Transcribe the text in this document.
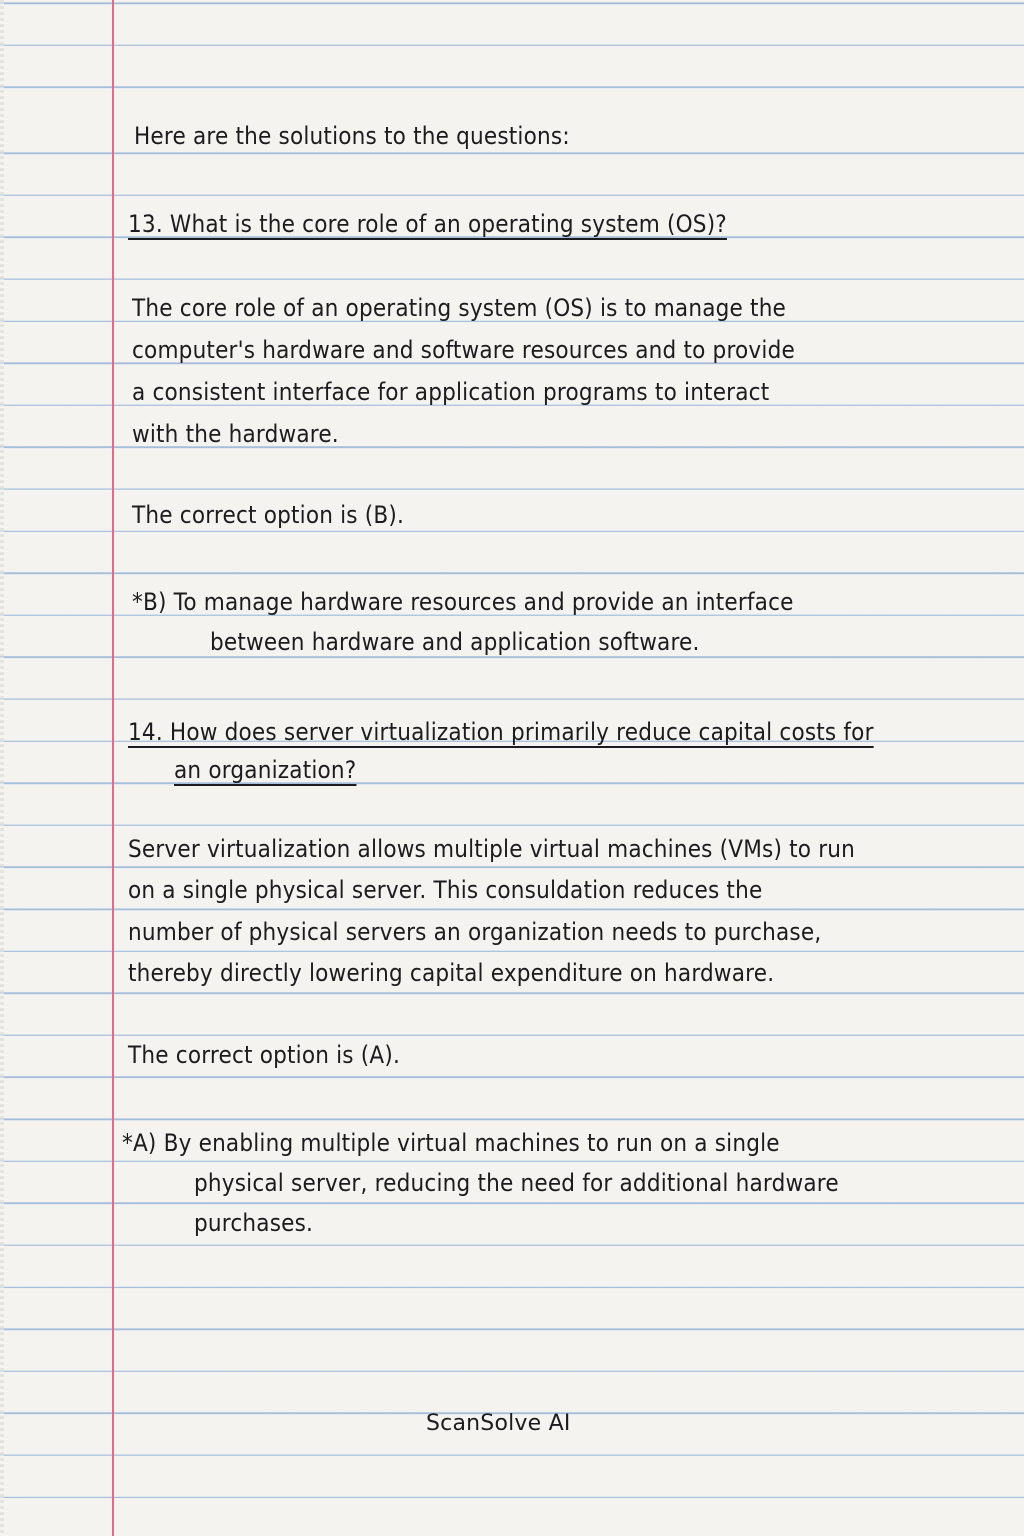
Here are the solutions to the questions:
13. What is the core role of an operating system (OS)?
The core role of an operating system (OS) is to manage the
computer's hardware and software resources and to provide
a consistent interface for application programs to interact
with the hardware.
The correct option is (B).
*B) To manage hardware resources and provide an interface
between hardware and application software.
14. How does server virtualization primarily reduce capital costs for
an organization?
Server virtualization allows multiple virtual machines (VMs) to run
on a single physical server. This consuldation reduces the
number of physical servers an organization needs to purchase,
thereby directly lowering capital expenditure on hardware.
The correct option is (A).
*A) By enabling multiple virtual machines to run on a single
physical server, reducing the need for additional hardware
purchases.
ScanSolve AI
